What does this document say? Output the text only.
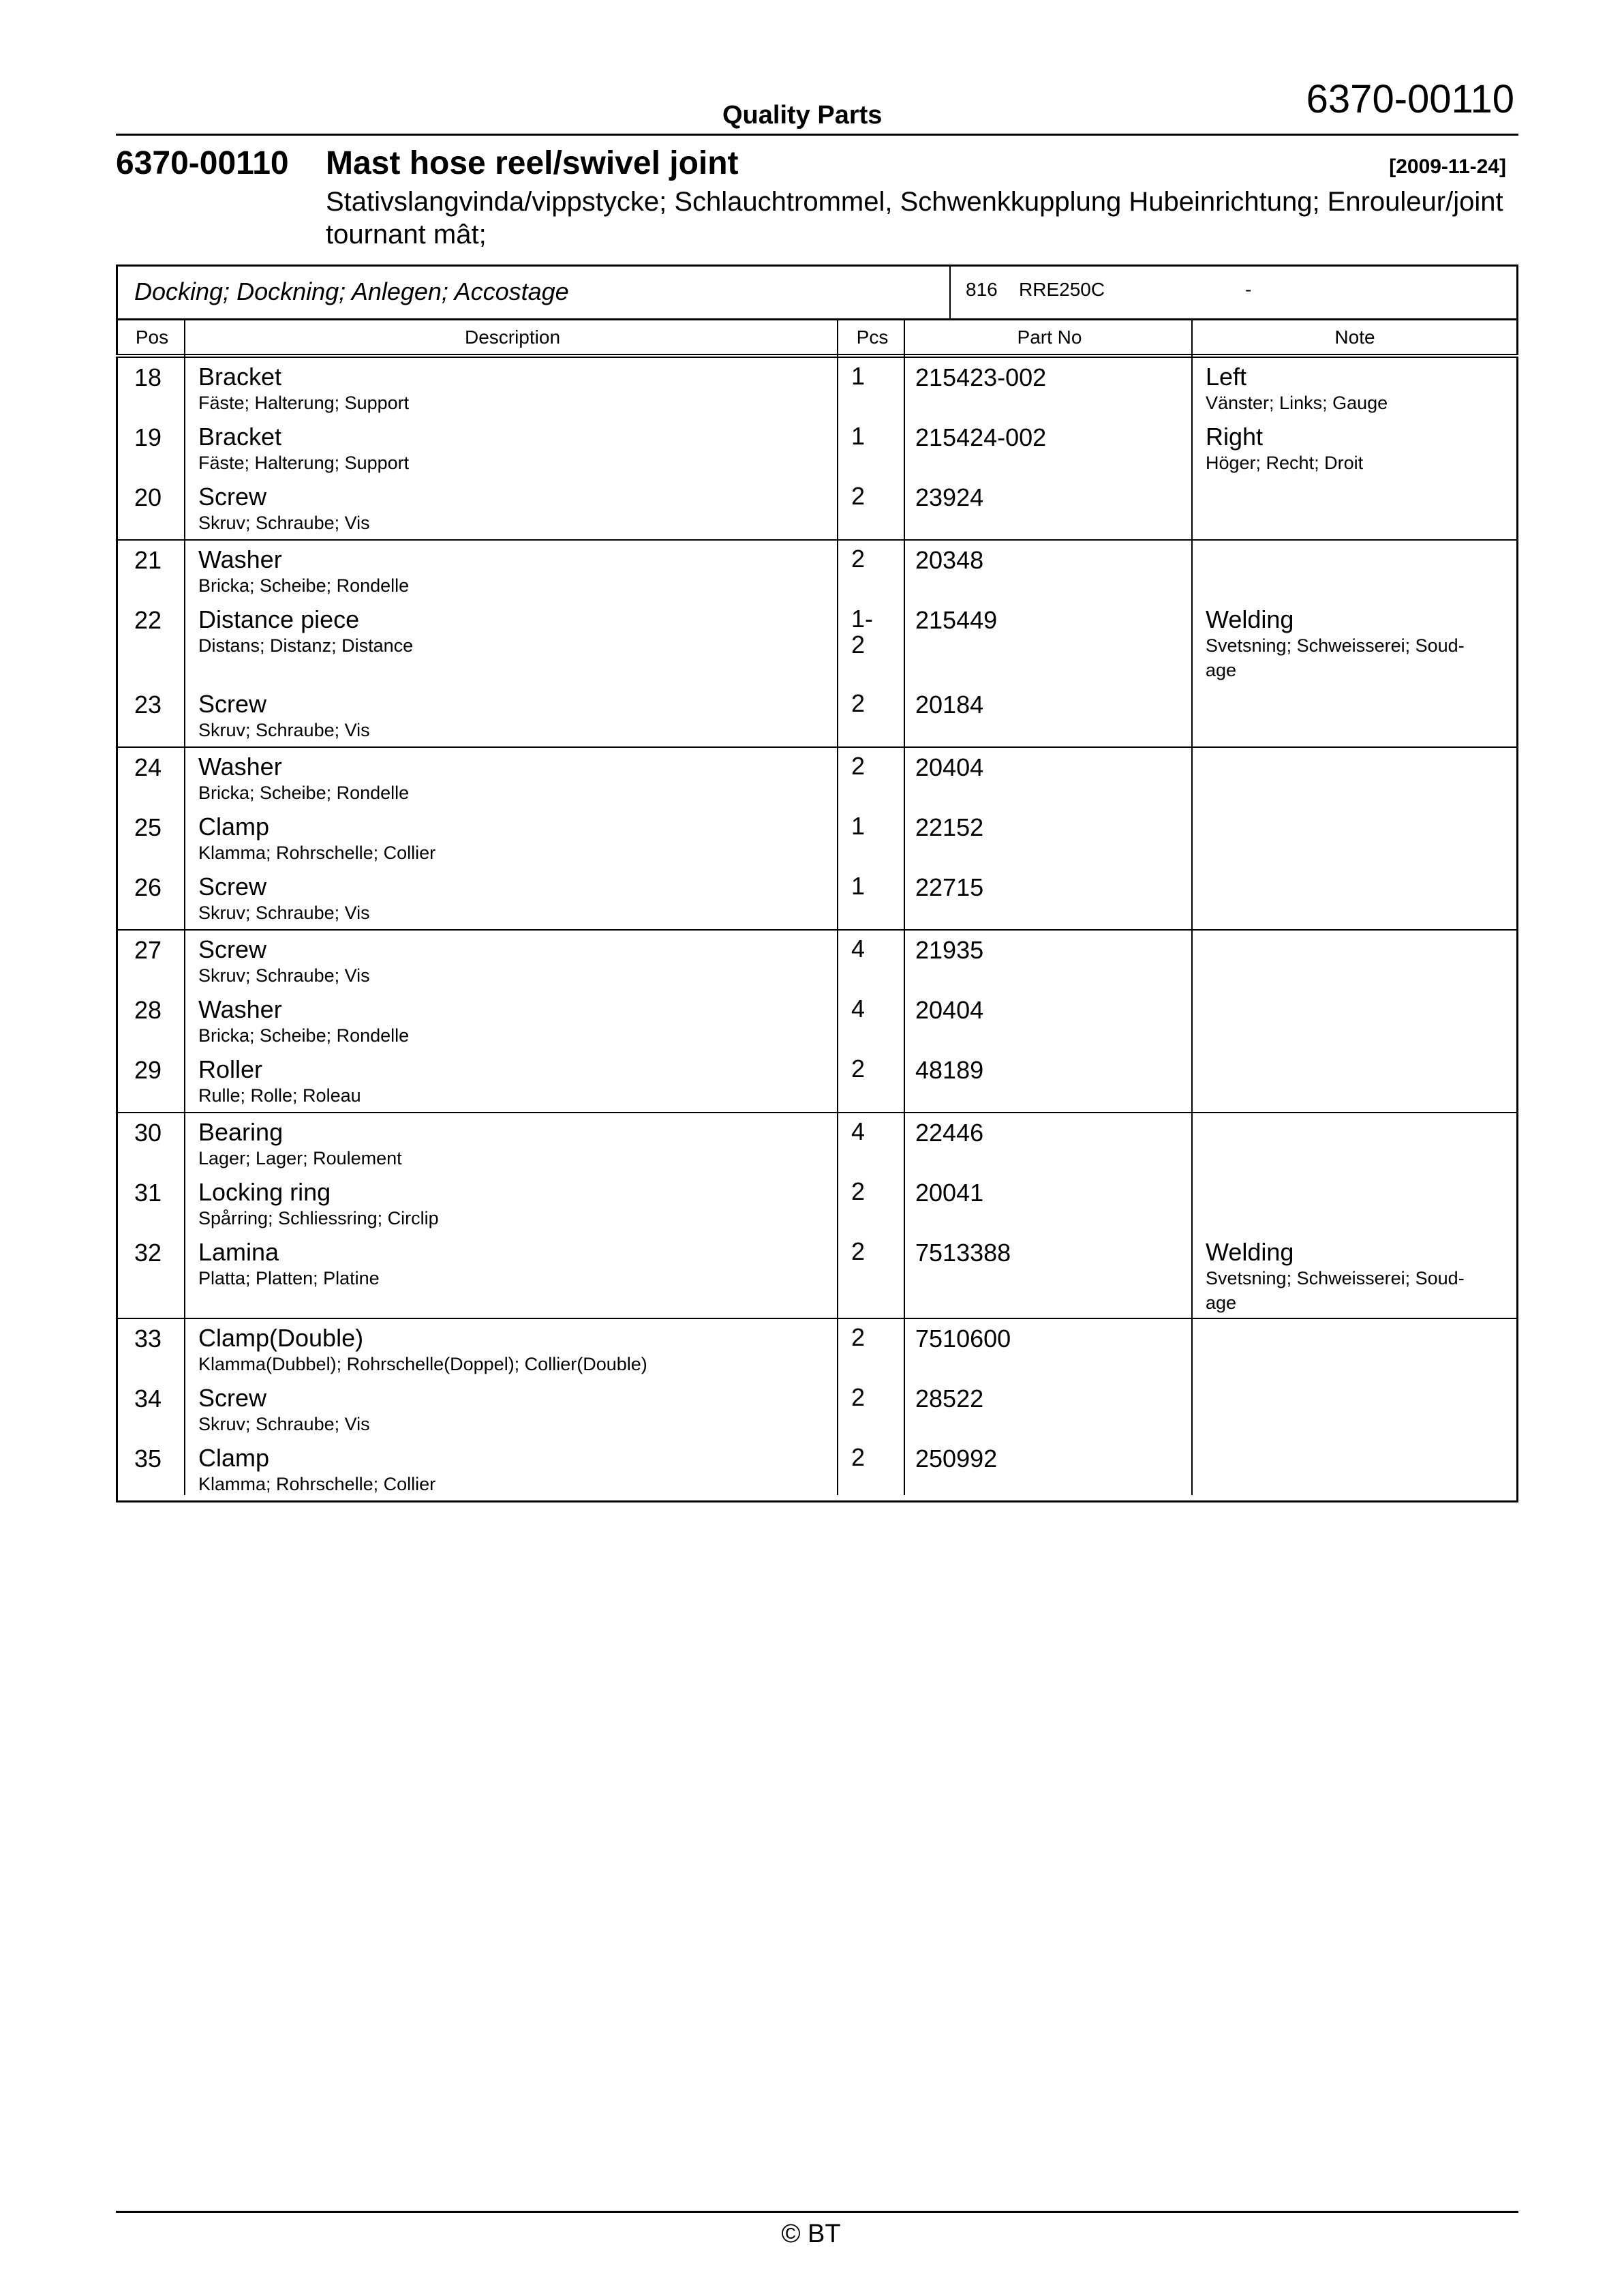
Quality Parts	6370-00110
6370-00110 Mast hose reel/swivel joint	[2009-11-24]
Stativslangvinda/vippstycke; Schlauchtrommel, Schwenkkupplung Hubeinrichtung; Enrouleur/joint tournant mât;
Docking; Dockning; Anlegen; Accostage	816 RRE250C	-
Pos	Description	Pcs	Part No	Note
18 Bracket
Fäste; Halterung; Support
1	215423-002	Left
Vänster; Links; Gauge
19 Bracket
Fäste; Halterung; Support
1	215424-002	Right
Höger; Recht; Droit
20 Screw
Skruv; Schraube; Vis
2	23924
21 Washer
Bricka; Scheibe; Rondelle
2	20348
22 Distance piece
Distans; Distanz; Distance
1-
2
215449	Welding
Svetsning; Schweisserei; Soud-
age
23 Screw
Skruv; Schraube; Vis
2	20184
24 Washer
Bricka; Scheibe; Rondelle
2	20404
25 Clamp
Klamma; Rohrschelle; Collier
1	22152
26 Screw
Skruv; Schraube; Vis
1	22715
27 Screw
Skruv; Schraube; Vis
4	21935
28 Washer
Bricka; Scheibe; Rondelle
4	20404
29 Roller
Rulle; Rolle; Roleau
2	48189
30 Bearing
Lager; Lager; Roulement
4	22446
31 Locking ring
Spårring; Schliessring; Circlip
2	20041
32 Lamina
Platta; Platten; Platine
2	7513388	Welding
Svetsning; Schweisserei; Soud-
age
33 Clamp(Double)
Klamma(Dubbel); Rohrschelle(Doppel); Collier(Double)
2	7510600
34 Screw
Skruv; Schraube; Vis
2	28522
35 Clamp
Klamma; Rohrschelle; Collier
2	250992
© BT
